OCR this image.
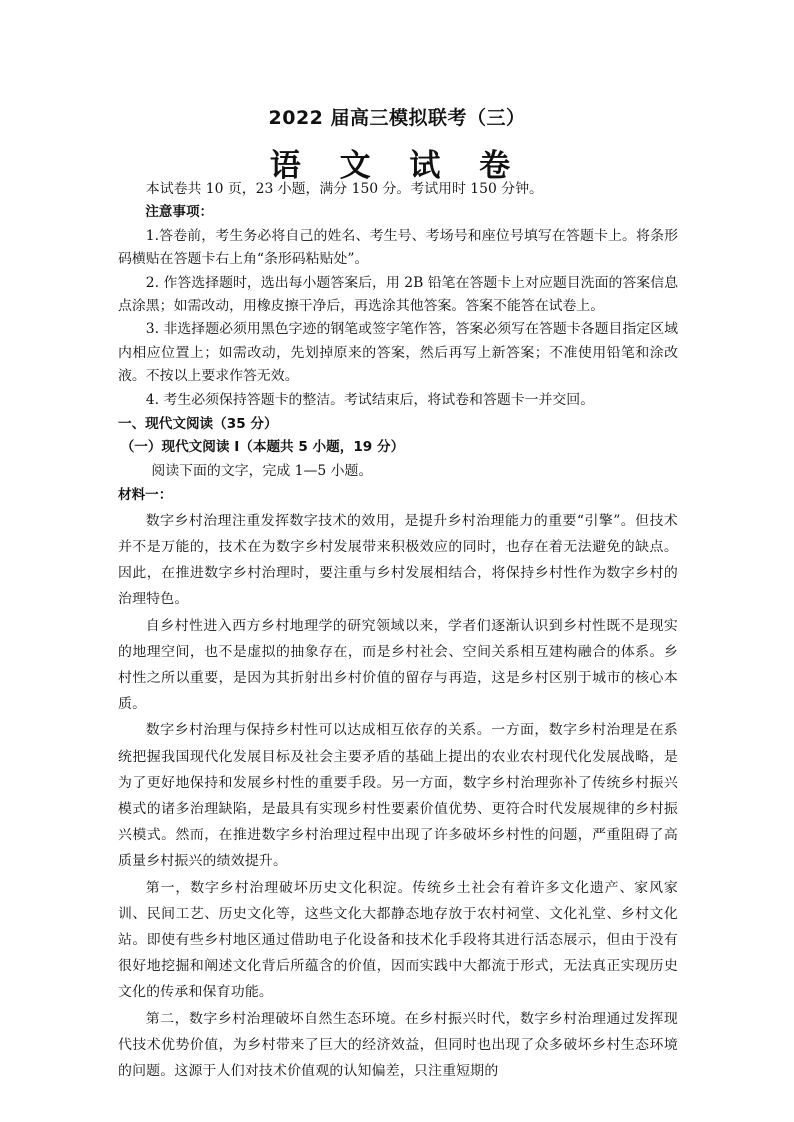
2022 届高三模拟联考（三）
语 文 试 卷

本试卷共 10 页，23 小题，满分 150 分。考试用时 150 分钟。

注意事项：

1.答卷前，考生务必将自己的姓名、考生号、考场号和座位号填写在答题卡上。将条形码横贴在答题卡右上角“条形码粘贴处”。

2. 作答选择题时，选出每小题答案后，用 2B 铅笔在答题卡上对应题目洗面的答案信息点涂黑；如需改动，用橡皮擦干净后，再选涂其他答案。答案不能答在试卷上。

3. 非选择题必须用黑色字迹的钢笔或签字笔作答，答案必须写在答题卡各题目指定区域内相应位置上；如需改动，先划掉原来的答案，然后再写上新答案；不准使用铅笔和涂改液。不按以上要求作答无效。

4. 考生必须保持答题卡的整洁。考试结束后，将试卷和答题卡一并交回。

一、现代文阅读（35 分）

（一）现代文阅读 I（本题共 5 小题，19 分）

阅读下面的文字，完成 1—5 小题。

材料一：

数字乡村治理注重发挥数字技术的效用，是提升乡村治理能力的重要“引擎”。但技术并不是万能的，技术在为数字乡村发展带来积极效应的同时，也存在着无法避免的缺点。因此，在推进数字乡村治理时，要注重与乡村发展相结合，将保持乡村性作为数字乡村的治理特色。

自乡村性进入西方乡村地理学的研究领域以来，学者们逐渐认识到乡村性既不是现实的地理空间，也不是虚拟的抽象存在，而是乡村社会、空间关系相互建构融合的体系。乡村性之所以重要，是因为其折射出乡村价值的留存与再造，这是乡村区别于城市的核心本质。

数字乡村治理与保持乡村性可以达成相互依存的关系。一方面，数字乡村治理是在系统把握我国现代化发展目标及社会主要矛盾的基础上提出的农业农村现代化发展战略，是为了更好地保持和发展乡村性的重要手段。另一方面，数字乡村治理弥补了传统乡村振兴模式的诸多治理缺陷，是最具有实现乡村性要素价值优势、更符合时代发展规律的乡村振兴模式。然而，在推进数字乡村治理过程中出现了许多破坏乡村性的问题，严重阻碍了高质量乡村振兴的绩效提升。

第一，数字乡村治理破坏历史文化积淀。传统乡土社会有着许多文化遗产、家风家训、民间工艺、历史文化等，这些文化大都静态地存放于农村祠堂、文化礼堂、乡村文化站。即使有些乡村地区通过借助电子化设备和技术化手段将其进行活态展示，但由于没有很好地挖掘和阐述文化背后所蕴含的价值，因而实践中大都流于形式，无法真正实现历史文化的传承和保育功能。

第二，数字乡村治理破坏自然生态环境。在乡村振兴时代，数字乡村治理通过发挥现代技术优势价值，为乡村带来了巨大的经济效益，但同时也出现了众多破坏乡村生态环境的问题。这源于人们对技术价值观的认知偏差，只注重短期的
